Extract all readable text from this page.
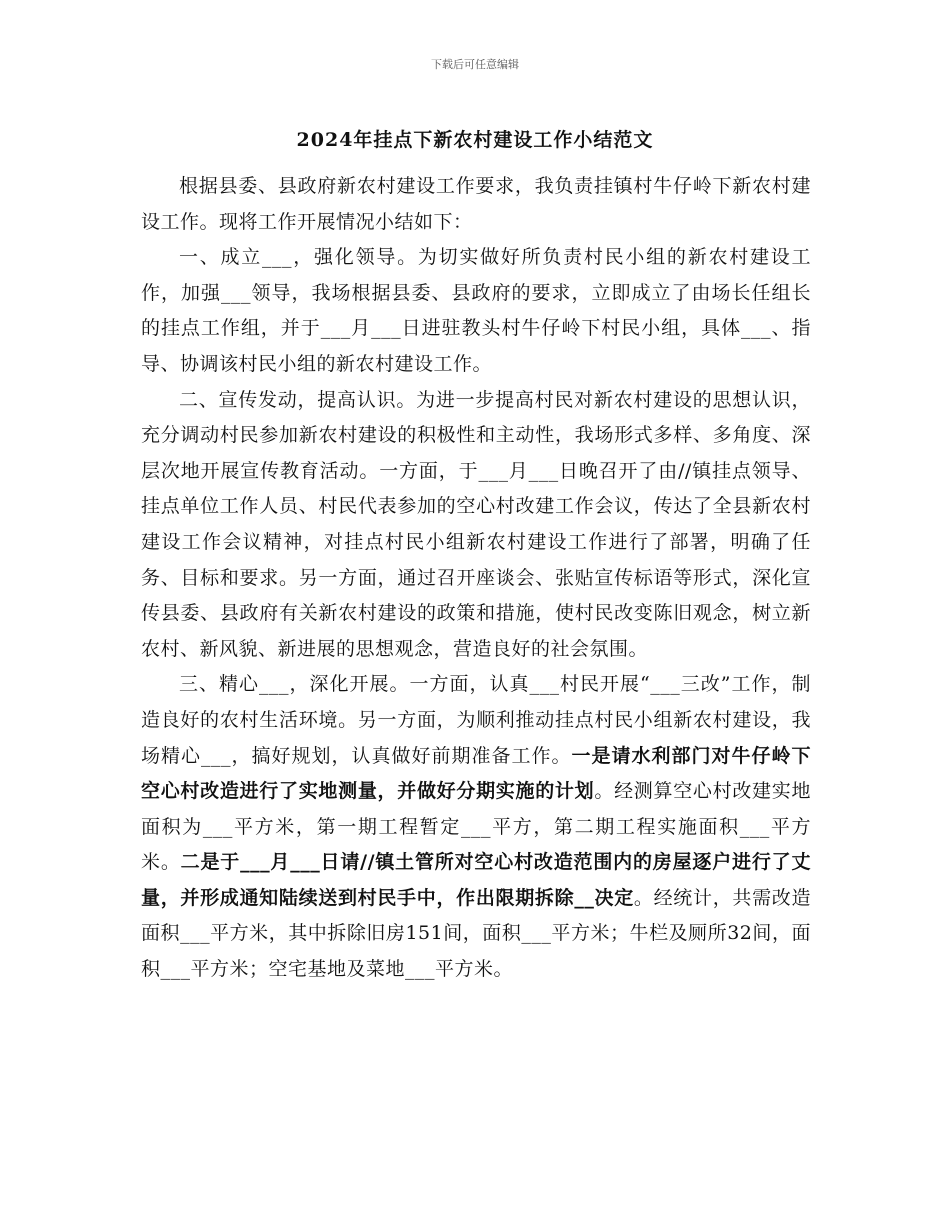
下载后可任意编辑
2024年挂点下新农村建设工作小结范文

根据县委、县政府新农村建设工作要求，我负责挂镇村牛仔岭下新农村建设工作。现将工作开展情况小结如下：

一、成立___，强化领导。为切实做好所负责村民小组的新农村建设工作，加强___领导，我场根据县委、县政府的要求，立即成立了由场长任组长的挂点工作组，并于___月___日进驻教头村牛仔岭下村民小组，具体___、指导、协调该村民小组的新农村建设工作。

二、宣传发动，提高认识。为进一步提高村民对新农村建设的思想认识，充分调动村民参加新农村建设的积极性和主动性，我场形式多样、多角度、深层次地开展宣传教育活动。一方面，于___月___日晚召开了由//镇挂点领导、挂点单位工作人员、村民代表参加的空心村改建工作会议，传达了全县新农村建设工作会议精神，对挂点村民小组新农村建设工作进行了部署，明确了任务、目标和要求。另一方面，通过召开座谈会、张贴宣传标语等形式，深化宣传县委、县政府有关新农村建设的政策和措施，使村民改变陈旧观念，树立新农村、新风貌、新进展的思想观念，营造良好的社会氛围。

三、精心___，深化开展。一方面，认真___村民开展“___三改”工作，制造良好的农村生活环境。另一方面，为顺利推动挂点村民小组新农村建设，我场精心___，搞好规划，认真做好前期准备工作。一是请水利部门对牛仔岭下空心村改造进行了实地测量，并做好分期实施的计划。经测算空心村改建实地面积为___平方米，第一期工程暂定___平方，第二期工程实施面积___平方米。二是于___月___日请//镇土管所对空心村改造范围内的房屋逐户进行了丈量，并形成通知陆续送到村民手中，作出限期拆除__决定。经统计，共需改造面积___平方米，其中拆除旧房151间，面积___平方米；牛栏及厕所32间，面积___平方米；空宅基地及菜地___平方米。
